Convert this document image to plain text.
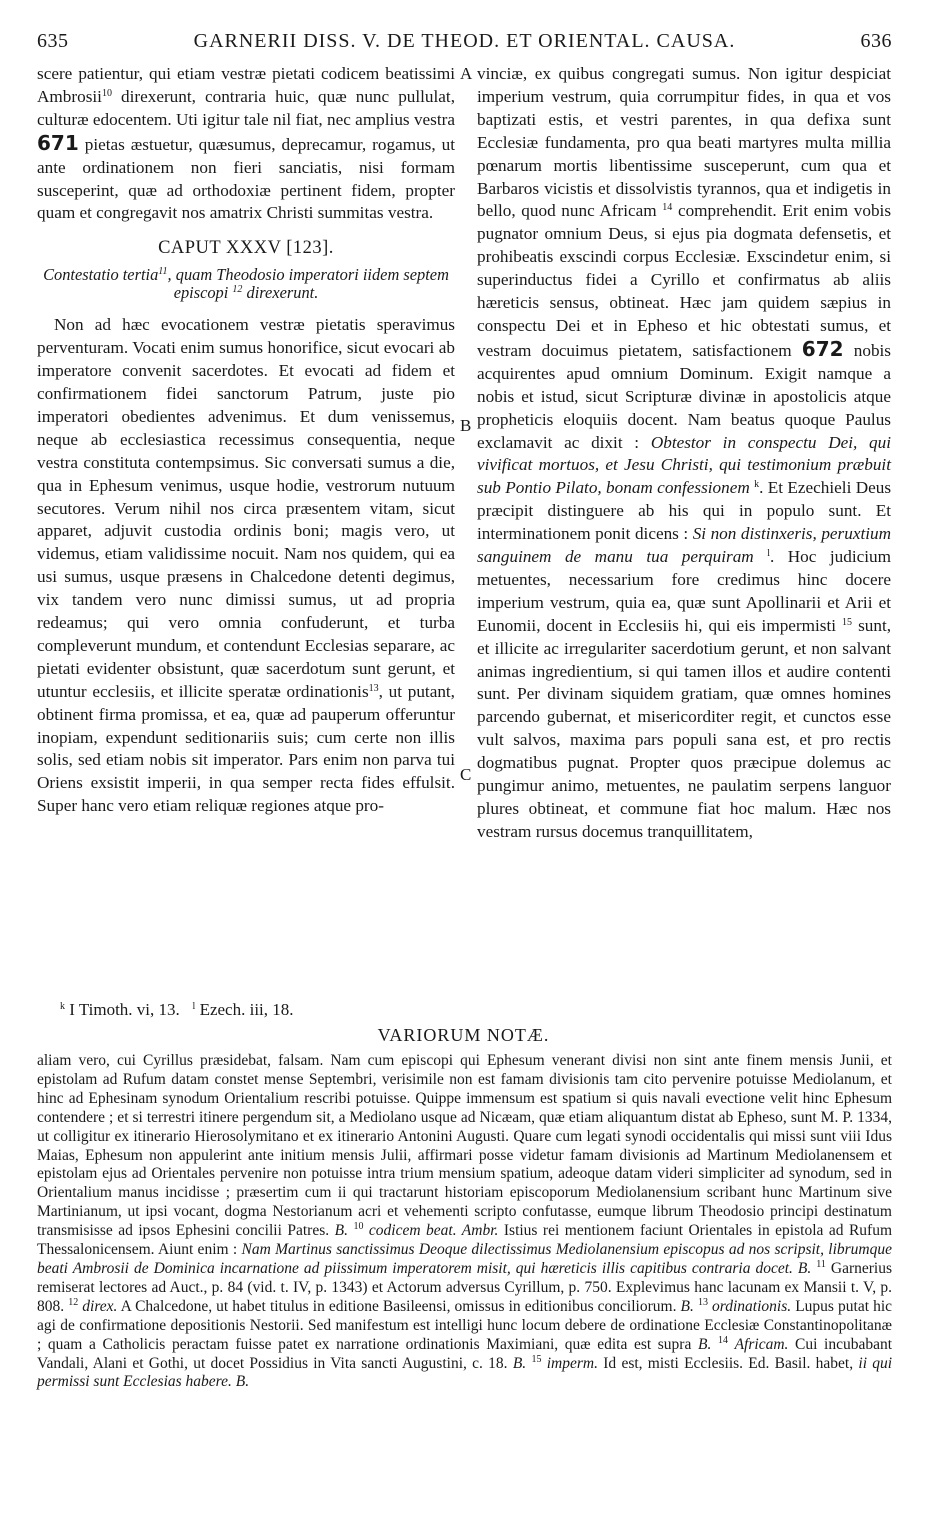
635	GARNERII DISS. V. DE THEOD. ET ORIENTAL. CAUSA.	636
A
B
C

scere patientur, qui etiam vestræ pietati codicem beatissimi Ambrosii$^{10}$ direxerunt, contraria huic, quæ nunc pullulat, culturæ edocentem. Uti igitur tale nil fiat, nec amplius vestra 671 pietas æstuetur, quæsumus, deprecamur, rogamus, ut ante ordinationem non fieri sanciatis, nisi formam susceperint, quæ ad orthodoxiæ pertinent fidem, propter quam et congregavit nos amatrix Christi summitas vestra.

CAPUT XXXV [123].
Contestatio tertia$^{11}$, quam Theodosio imperatori iidem septem episcopi $^{12}$ direxerunt.

Non ad hæc evocationem vestræ pietatis speravimus perventuram. Vocati enim sumus honorifice, sicut evocari ab imperatore convenit sacerdotes. Et evocati ad fidem et confirmationem fidei sanctorum Patrum, juste pio imperatori obedientes advenimus. Et dum venissemus, neque ab ecclesiastica recessimus consequentia, neque vestra constituta contempsimus. Sic conversati sumus a die, qua in Ephesum venimus, usque hodie, vestrorum nutuum secutores. Verum nihil nos circa præsentem vitam, sicut apparet, adjuvit custodia ordinis boni; magis vero, ut videmus, etiam validissime nocuit. Nam nos quidem, qui ea usi sumus, usque præsens in Chalcedone detenti degimus, vix tandem vero nunc dimissi sumus, ut ad propria redeamus; qui vero omnia confuderunt, et turba compleverunt mundum, et contendunt Ecclesias separare, ac pietati evidenter obsistunt, quæ sacerdotum sunt gerunt, et utuntur ecclesiis, et illicite speratæ ordinationis$^{13}$, ut putant, obtinent firma promissa, et ea, quæ ad pauperum offeruntur inopiam, expendunt seditionariis suis; cum certe non illis solis, sed etiam nobis sit imperator. Pars enim non parva tui Oriens exsistit imperii, in qua semper recta fides effulsit. Super hanc vero etiam reliquæ regiones atque pro-

vinciæ, ex quibus congregati sumus. Non igitur despiciat imperium vestrum, quia corrumpitur fides, in qua et vos baptizati estis, et vestri parentes, in qua defixa sunt Ecclesiæ fundamenta, pro qua beati martyres multa millia pœnarum mortis libentissime susceperunt, cum qua et Barbaros vicistis et dissolvistis tyrannos, qua et indigetis in bello, quod nunc Africam $^{14}$ comprehendit. Erit enim vobis pugnator omnium Deus, si ejus pia dogmata defensetis, et prohibeatis exscindi corpus Ecclesiæ. Exscindetur enim, si superinductus fidei a Cyrillo et confirmatus ab aliis hæreticis sensus, obtineat. Hæc jam quidem sæpius in conspectu Dei et in Epheso et hic obtestati sumus, et vestram docuimus pietatem, satisfactionem 672 nobis acquirentes apud omnium Dominum. Exigit namque a nobis et istud, sicut Scripturæ divinæ in apostolicis atque propheticis eloquiis docent. Nam beatus quoque Paulus exclamavit ac dixit : Obtestor in conspectu Dei, qui vivificat mortuos, et Jesu Christi, qui testimonium præbuit sub Pontio Pilato, bonam confessionem $^k$. Et Ezechieli Deus præcipit distinguere ab his qui in populo sunt. Et interminationem ponit dicens : Si non distinxeris, peruxtium sanguinem de manu tua perquiram $^l$. Hoc judicium metuentes, necessarium fore credimus hinc docere imperium vestrum, quia ea, quæ sunt Apollinarii et Arii et Eunomii, docent in Ecclesiis hi, qui eis impermisti $^{15}$ sunt, et illicite ac irregulariter sacerdotium gerunt, et non salvant animas ingredientium, si qui tamen illos et audire contenti sunt. Per divinam siquidem gratiam, quæ omnes homines parcendo gubernat, et misericorditer regit, et cunctos esse vult salvos, maxima pars populi sana est, et pro rectis dogmatibus pugnat. Propter quos præcipue dolemus ac pungimur animo, metuentes, ne paulatim serpens languor plures obtineat, et commune fiat hoc malum. Hæc nos vestram rursus docemus tranquillitatem,

$^k$ I Timoth. vi, 13. $^l$ Ezech. iii, 18.
VARIORUM NOTÆ.

aliam vero, cui Cyrillus præsidebat, falsam. Nam cum episcopi qui Ephesum venerant divisi non sint ante finem mensis Junii, et epistolam ad Rufum datam constet mense Septembri, verisimile non est famam divisionis tam cito pervenire potuisse Mediolanum, et hinc ad Ephesinam synodum Orientalium rescribi potuisse. Quippe immensum est spatium si quis navali evectione velit hinc Ephesum contendere ; et si terrestri itinere pergendum sit, a Mediolano usque ad Nicæam, quæ etiam aliquantum distat ab Epheso, sunt M. P. 1334, ut colligitur ex itinerario Hierosolymitano et ex itinerario Antonini Augusti. Quare cum legati synodi occidentalis qui missi sunt viii Idus Maias, Ephesum non appulerint ante initium mensis Julii, affirmari posse videtur famam divisionis ad Martinum Mediolanensem et epistolam ejus ad Orientales pervenire non potuisse intra trium mensium spatium, adeoque datam videri simpliciter ad synodum, sed in Orientalium manus incidisse ; præsertim cum ii qui tractarunt historiam episcoporum Mediolanensium scribant hunc Martinum sive Martinianum, ut ipsi vocant, dogma Nestorianum acri et vehementi scripto confutasse, eumque librum Theodosio principi destinatum transmisisse ad ipsos Ephesini concilii Patres. B. $^{10}$ codicem beat. Ambr. Istius rei mentionem faciunt Orientales in epistola ad Rufum Thessalonicensem. Aiunt enim : Nam Martinus sanctissimus Deoque dilectissimus Mediolanensium episcopus ad nos scripsit, librumque beati Ambrosii de Dominica incarnatione ad piissimum imperatorem misit, qui hæreticis illis capitibus contraria docet. B. $^{11}$ Garnerius remiserat lectores ad Auct., p. 84 (vid. t. IV, p. 1343) et Actorum adversus Cyrillum, p. 750. Explevimus hanc lacunam ex Mansii t. V, p. 808. $^{12}$ direx. A Chalcedone, ut habet titulus in editione Basileensi, omissus in editionibus conciliorum. B. $^{13}$ ordinationis. Lupus putat hic agi de confirmatione depositionis Nestorii. Sed manifestum est intelligi hunc locum debere de ordinatione Ecclesiæ Constantinopolitanæ ; quam a Catholicis peractam fuisse patet ex narratione ordinationis Maximiani, quæ edita est supra B. $^{14}$ Africam. Cui incubabant Vandali, Alani et Gothi, ut docet Possidius in Vita sancti Augustini, c. 18. B. $^{15}$ imperm. Id est, misti Ecclesiis. Ed. Basil. habet, ii qui permissi sunt Ecclesias habere. B.
